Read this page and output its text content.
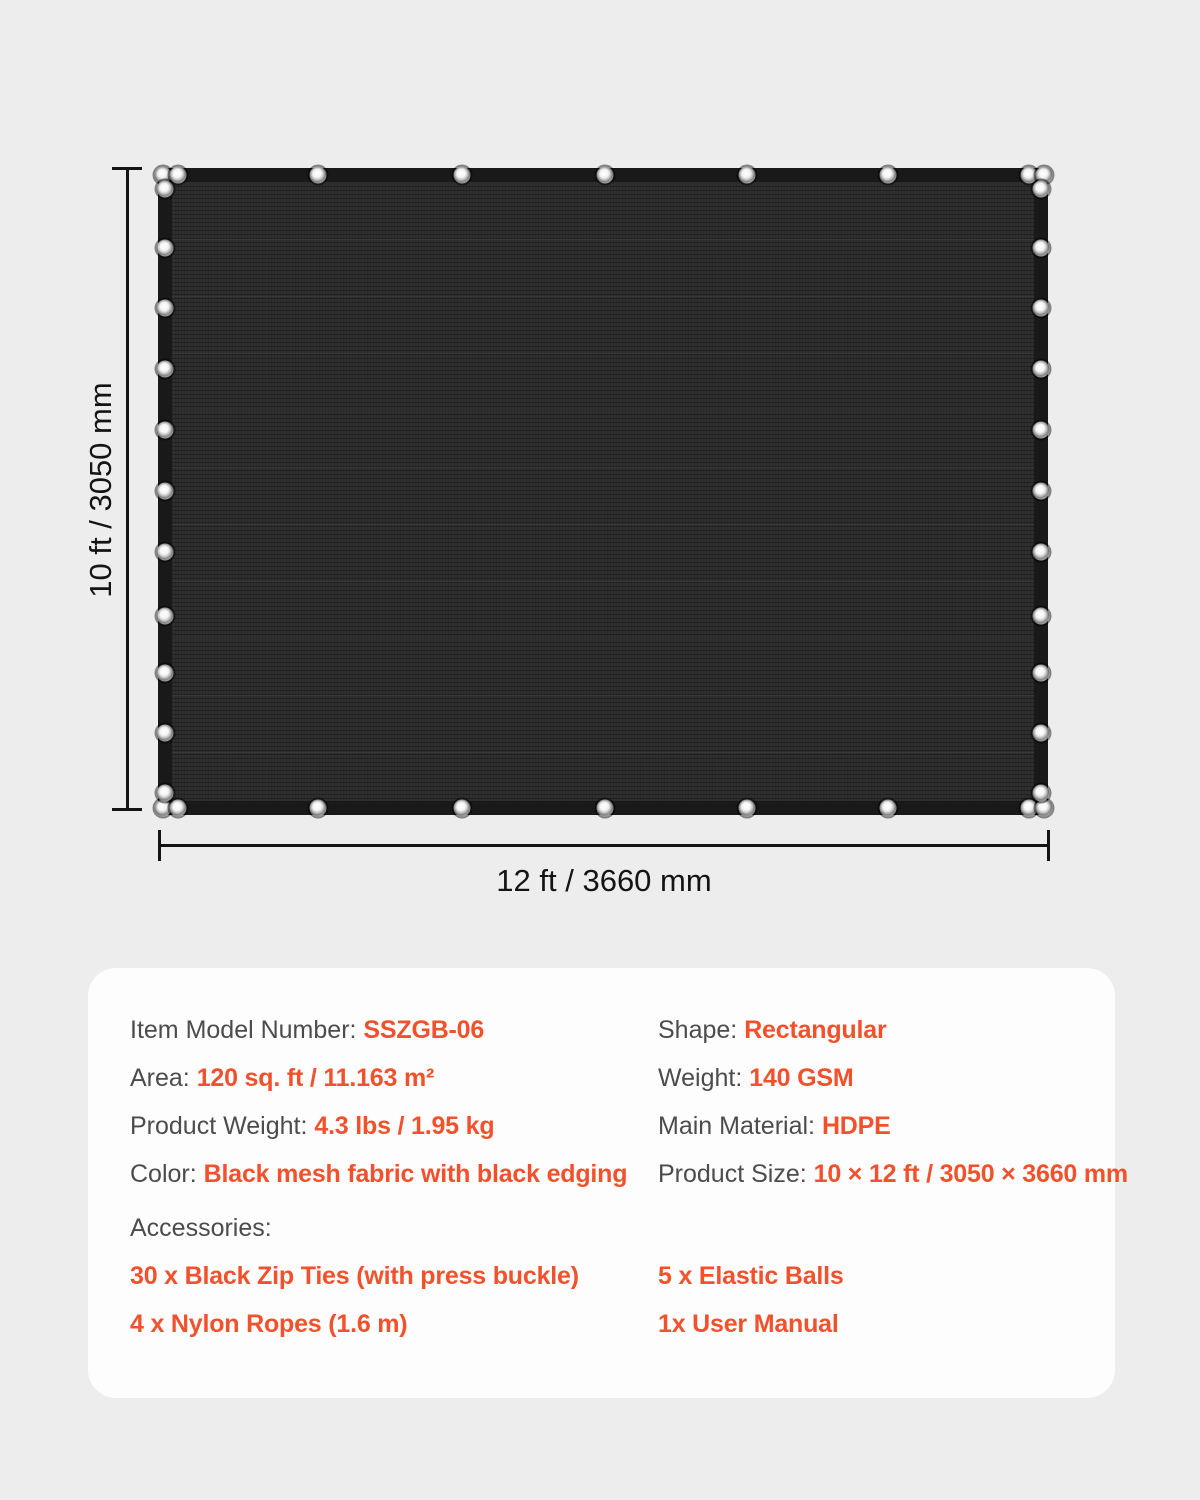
10 ft / 3050 mm
12 ft / 3660 mm
Item Model Number: SSZGB-06	Shape: Rectangular
Area: 120 sq. ft / 11.163 m²	Weight: 140 GSM
Product Weight: 4.3 lbs / 1.95 kg	Main Material: HDPE
Color: Black mesh fabric with black edging	Product Size: 10 × 12 ft / 3050 × 3660 mm
Accessories:
30 x Black Zip Ties (with press buckle)	5 x Elastic Balls
4 x Nylon Ropes (1.6 m)	1x User Manual
